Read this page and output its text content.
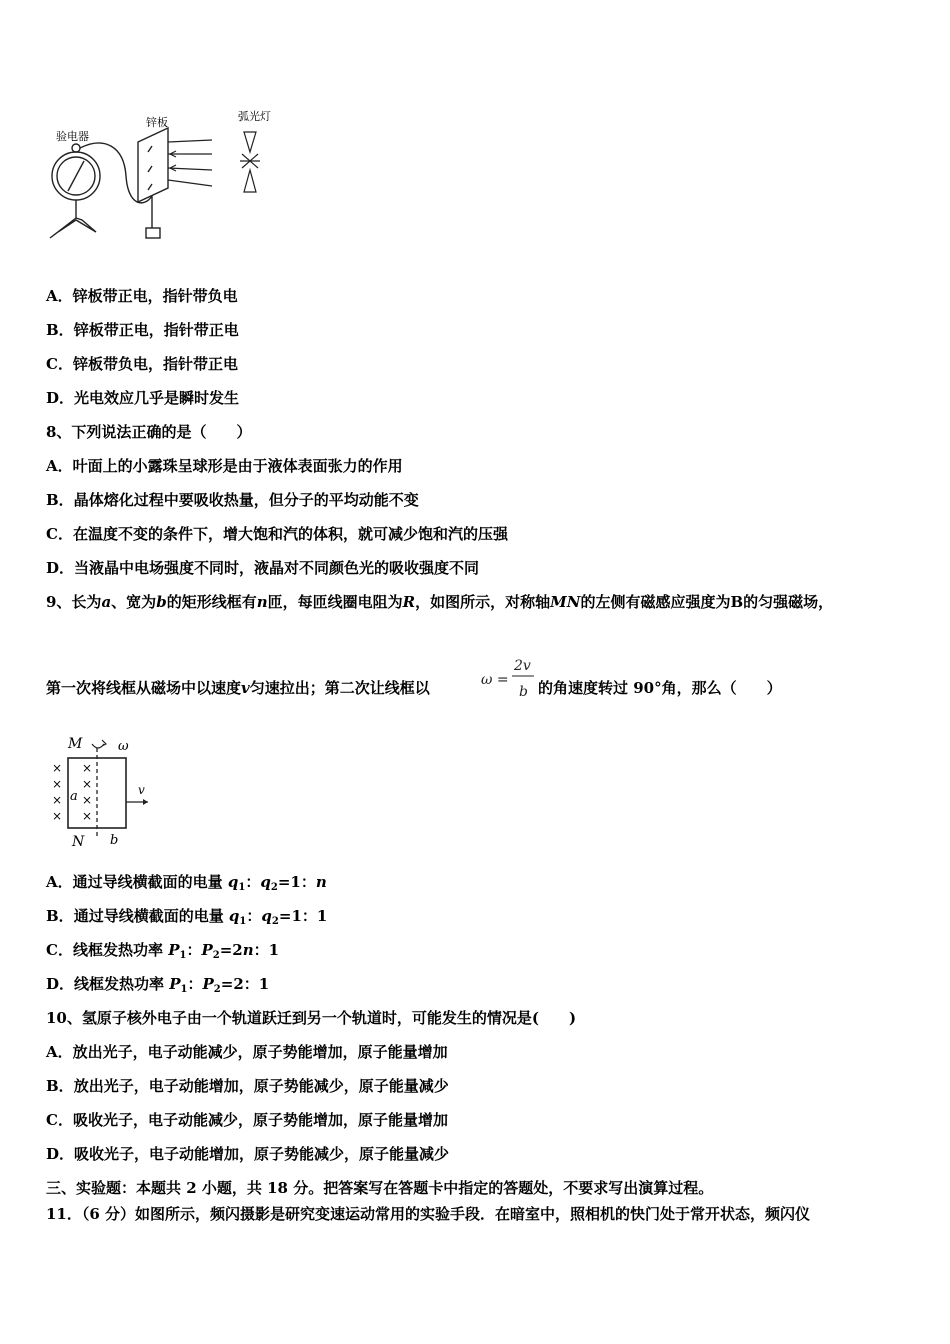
验电器
锌板	弧光灯
A．锌板带正电，指针带负电
B．锌板带正电，指针带正电
C．锌板带负电，指针带正电
D．光电效应几乎是瞬时发生
8、下列说法正确的是（　　）
A．叶面上的小露珠呈球形是由于液体表面张力的作用
B．晶体熔化过程中要吸收热量，但分子的平均动能不变
C．在温度不变的条件下，增大饱和汽的体积，就可减少饱和汽的压强
D．当液晶中电场强度不同时，液晶对不同颜色光的吸收强度不同
9、长为a、宽为b的矩形线框有n匝，每匝线圈电阻为R，如图所示，对称轴MN的左侧有磁感应强度为B的匀强磁场，
第一次将线框从磁场中以速度v匀速拉出；第二次让线框以	ω =
2v
b 的角速度转过 90°角，那么（　　）
M	ω
×
×
×
×
×
×
×
×
a	v
N b
A．通过导线横截面的电量 $q_1$：$q_2=1$：n
B．通过导线横截面的电量 $q_1$：$q_2=1$：1
C．线框发热功率 $P_1$：$P_2=2n$：1
D．线框发热功率 $P_1$：$P_2=2$：1
10、氢原子核外电子由一个轨道跃迁到另一个轨道时，可能发生的情况是(　　)
A．放出光子，电子动能减少，原子势能增加，原子能量增加
B．放出光子，电子动能增加，原子势能减少，原子能量减少
C．吸收光子，电子动能减少，原子势能增加，原子能量增加
D．吸收光子，电子动能增加，原子势能减少，原子能量减少
三、实验题：本题共 2 小题，共 18 分。把答案写在答题卡中指定的答题处，不要求写出演算过程。
11．（6 分）如图所示，频闪摄影是研究变速运动常用的实验手段．在暗室中，照相机的快门处于常开状态，频闪仪
